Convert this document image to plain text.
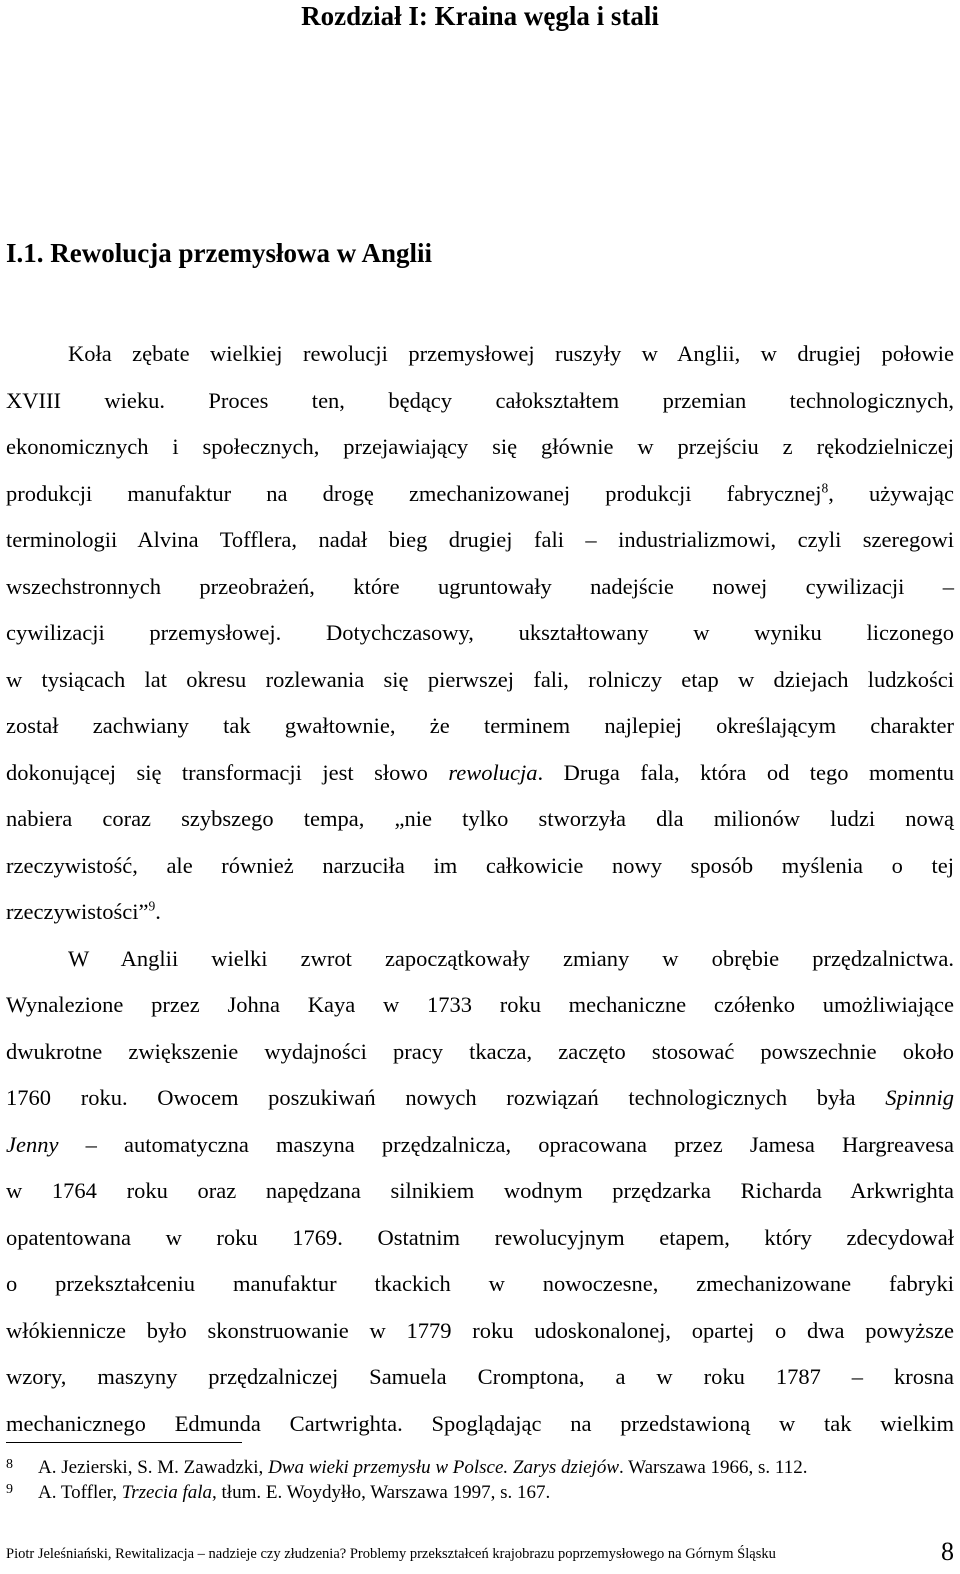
Rozdział I: Kraina węgla i stali
I.1. Rewolucja przemysłowa w Anglii
Koła zębate wielkiej rewolucji przemysłowej ruszyły w Anglii, w drugiej połowie
XVIII wieku. Proces ten, będący całokształtem przemian technologicznych,
ekonomicznych i społecznych, przejawiający się głównie w przejściu z rękodzielniczej
produkcji manufaktur na drogę zmechanizowanej produkcji fabrycznej$^8$, używając
terminologii Alvina Tofflera, nadał bieg drugiej fali – industrializmowi, czyli szeregowi
wszechstronnych przeobrażeń, które ugruntowały nadejście nowej cywilizacji –
cywilizacji przemysłowej. Dotychczasowy, ukształtowany w wyniku liczonego
w tysiącach lat okresu rozlewania się pierwszej fali, rolniczy etap w dziejach ludzkości
został zachwiany tak gwałtownie, że terminem najlepiej określającym charakter
dokonującej się transformacji jest słowo rewolucja. Druga fala, która od tego momentu
nabiera coraz szybszego tempa, „nie tylko stworzyła dla milionów ludzi nową
rzeczywistość, ale również narzuciła im całkowicie nowy sposób myślenia o tej
rzeczywistości”$^9$.
W Anglii wielki zwrot zapoczątkowały zmiany w obrębie przędzalnictwa.
Wynalezione przez Johna Kaya w 1733 roku mechaniczne czółenko umożliwiające
dwukrotne zwiększenie wydajności pracy tkacza, zaczęto stosować powszechnie około
1760 roku. Owocem poszukiwań nowych rozwiązań technologicznych była Spinnig
Jenny – automatyczna maszyna przędzalnicza, opracowana przez Jamesa Hargreavesa
w 1764 roku oraz napędzana silnikiem wodnym przędzarka Richarda Arkwrighta
opatentowana w roku 1769. Ostatnim rewolucyjnym etapem, który zdecydował
o przekształceniu manufaktur tkackich w nowoczesne, zmechanizowane fabryki
włókiennicze było skonstruowanie w 1779 roku udoskonalonej, opartej o dwa powyższe
wzory, maszyny przędzalniczej Samuela Cromptona, a w roku 1787 – krosna
mechanicznego Edmunda Cartwrighta. Spoglądając na przedstawioną w tak wielkim
8 A. Jezierski, S. M. Zawadzki, Dwa wieki przemysłu w Polsce. Zarys dziejów. Warszawa 1966, s. 112.
9 A. Toffler, Trzecia fala, tłum. E. Woydyłło, Warszawa 1997, s. 167.
Piotr Jeleśniański, Rewitalizacja – nadzieje czy złudzenia? Problemy przekształceń krajobrazu poprzemysłowego na Górnym Śląsku	8
